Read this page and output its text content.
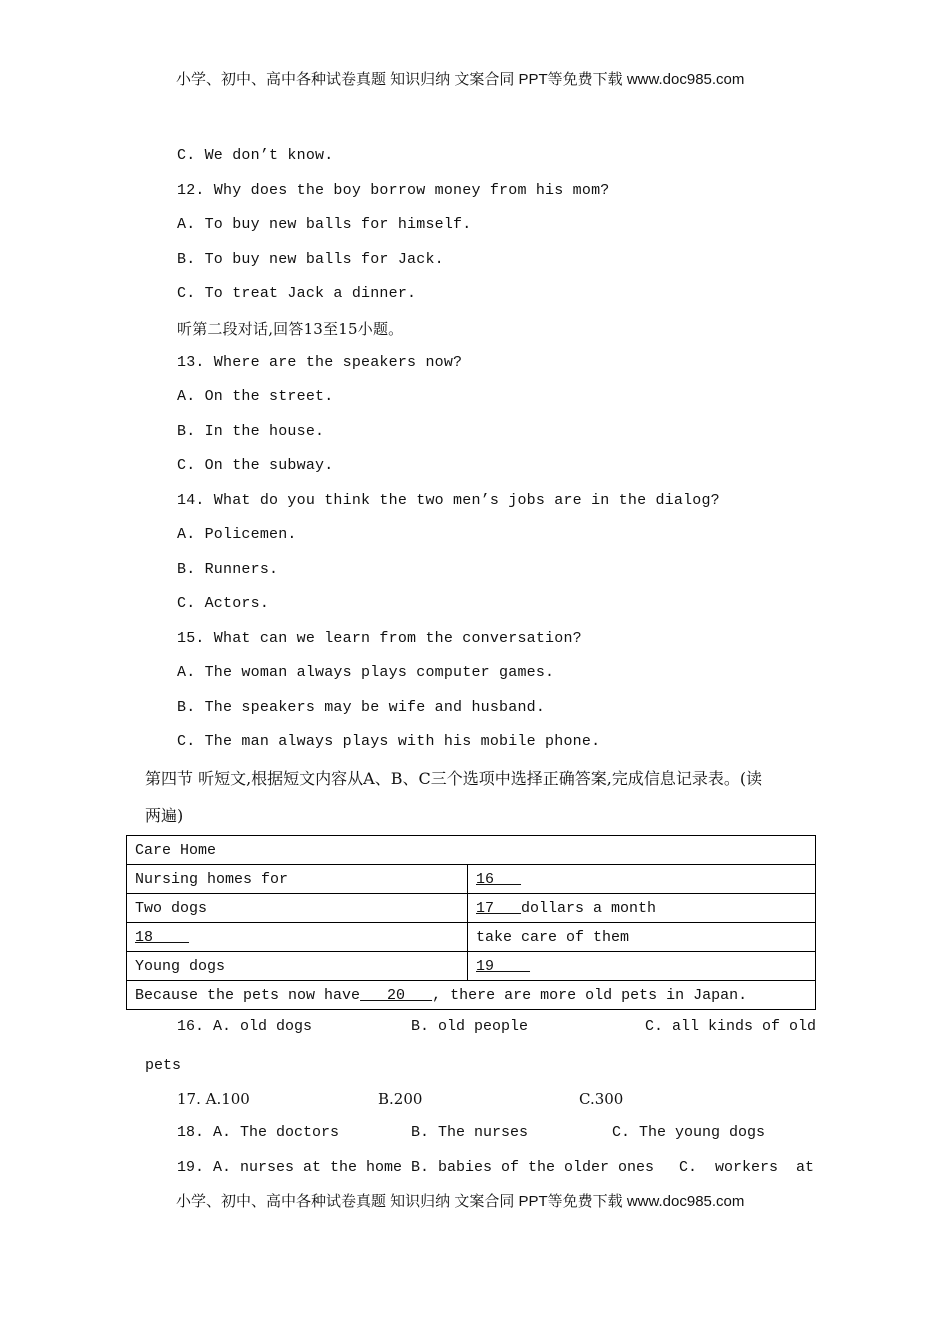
小学、初中、高中各种试卷真题 知识归纳 文案合同 PPT等免费下载 www.doc985.com
C. We don’t know.
12. Why does the boy borrow money from his mom?
A. To buy new balls for himself.
B. To buy new balls for Jack.
C. To treat Jack a dinner.
听第二段对话,回答13至15小题。
13. Where are the speakers now?
A. On the street.
B. In the house.
C. On the subway.
14. What do you think the two men’s jobs are in the dialog?
A. Policemen.
B. Runners.
C. Actors.
15. What can we learn from the conversation?
A. The woman always plays computer games.
B. The speakers may be wife and husband.
C. The man always plays with his mobile phone.
第四节 听短文,根据短文内容从A、B、C三个选项中选择正确答案,完成信息记录表。(读
两遍)
Care Home	
Nursing homes for	16
Two dogs	17   dollars a month
18	take care of them
Young dogs	19
Because the pets now have   20   , there are more old pets in Japan.	
16. A. old dogs	B. old people	C. all kinds of old
pets
17. A.100	B.200	C.300
18. A. The doctors	B. The nurses	C. The young dogs
19. A. nurses at the home B. babies of the older ones C.  workers  at
小学、初中、高中各种试卷真题 知识归纳 文案合同 PPT等免费下载 www.doc985.com
